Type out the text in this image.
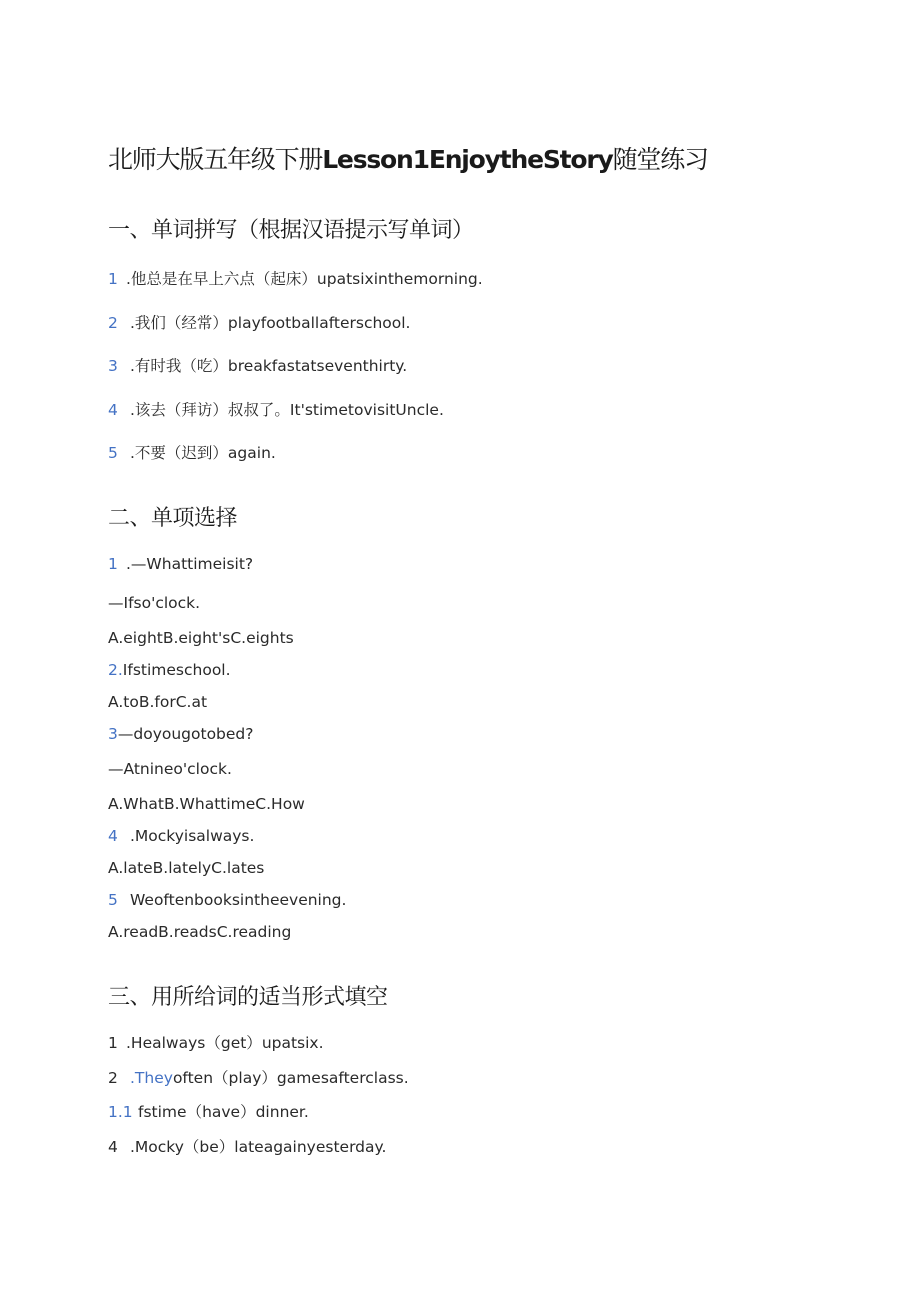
北师大版五年级下册Lesson1EnjoytheStory随堂练习
一、单词拼写（根据汉语提示写单词）
1 .他总是在早上六点（起床）upatsixinthemorning.
2 .我们（经常）playfootballafterschool.
3 .有时我（吃）breakfastatseventhirty.
4 .该去（拜访）叔叔了。It'stimetovisitUncle.
5 .不要（迟到）again.
二、单项选择
1 .—Whattimeisit?
—Ifso'clock.
A.eightB.eight'sC.eights
2.Ifstimeschool.
A.toB.forC.at
3—doyougotobed?
—Atnineo'clock.
A.WhatB.WhattimeC.How
4 .Mockyisalways.
A.lateB.latelyC.lates
5 Weoftenbooksintheevening.
A.readB.readsC.reading
三、用所给词的适当形式填空
1 .Healways（get）upatsix.
2 .Theyoften（play）gamesafterclass.
1.1 fstime（have）dinner.
4 .Mocky（be）lateagainyesterday.
